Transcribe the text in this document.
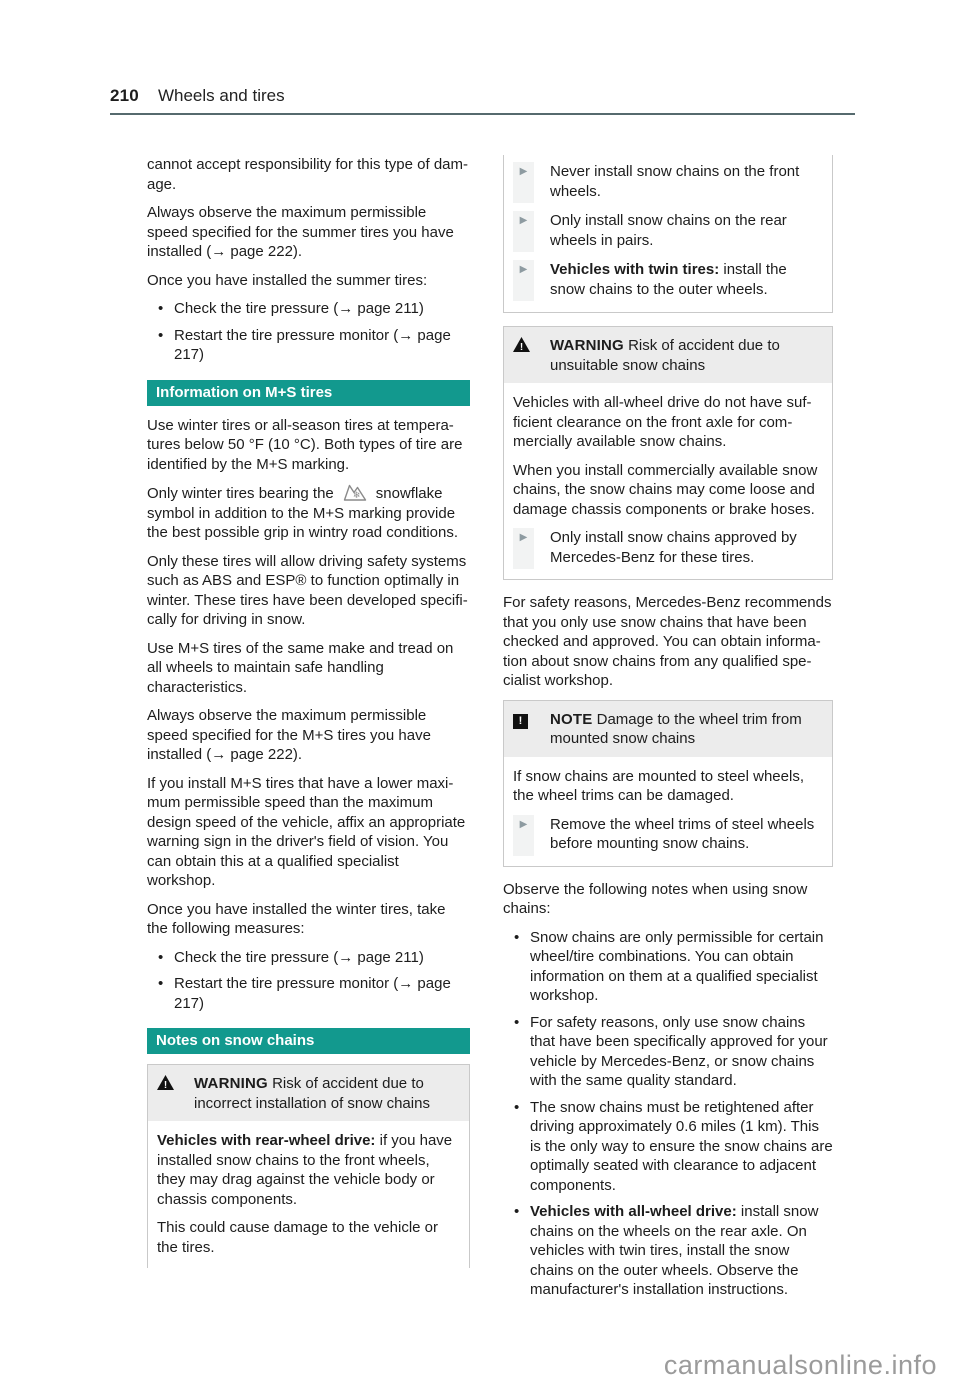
210 Wheels and tires

cannot accept responsibility for this type of damage.

Always observe the maximum permissible speed specified for the summer tires you have installed (→ page 222).

Once you have installed the summer tires:

• Check the tire pressure (→ page 211)
• Restart the tire pressure monitor (→ page 217)
Information on M+S tires

Use winter tires or all-season tires at temperatures below 50 °F (10 °C). Both types of tire are identified by the M+S marking.

Only winter tires bearing the ❄ snowflake symbol in addition to the M+S marking provide the best possible grip in wintry road conditions.

Only these tires will allow driving safety systems such as ABS and ESP® to function optimally in winter. These tires have been developed specifically for driving in snow.

Use M+S tires of the same make and tread on all wheels to maintain safe handling characteristics.

Always observe the maximum permissible speed specified for the M+S tires you have installed (→ page 222).

If you install M+S tires that have a lower maximum permissible speed than the maximum design speed of the vehicle, affix an appropriate warning sign in the driver's field of vision. You can obtain this at a qualified specialist workshop.

Once you have installed the winter tires, take the following measures:

• Check the tire pressure (→ page 211)
• Restart the tire pressure monitor (→ page 217)
Notes on snow chains
! WARNING Risk of accident due to incorrect installation of snow chains

Vehicles with rear-wheel drive: if you have installed snow chains to the front wheels, they may drag against the vehicle body or chassis components.

This could cause damage to the vehicle or the tires.

▶	Never install snow chains on the front wheels.
▶	Only install snow chains on the rear wheels in pairs.
▶	Vehicles with twin tires: install the snow chains to the outer wheels.
! WARNING Risk of accident due to unsuitable snow chains

Vehicles with all-wheel drive do not have sufficient clearance on the front axle for commercially available snow chains.

When you install commercially available snow chains, the snow chains may come loose and damage chassis components or brake hoses.

▶	Only install snow chains approved by Mercedes-Benz for these tires.

For safety reasons, Mercedes-Benz recommends that you only use snow chains that have been checked and approved. You can obtain information about snow chains from any qualified specialist workshop.

!	NOTE Damage to the wheel trim from mounted snow chains

If snow chains are mounted to steel wheels, the wheel trims can be damaged.

▶	Remove the wheel trims of steel wheels before mounting snow chains.

Observe the following notes when using snow chains:

• Snow chains are only permissible for certain wheel/tire combinations. You can obtain information on them at a qualified specialist workshop.
• For safety reasons, only use snow chains that have been specifically approved for your vehicle by Mercedes-Benz, or snow chains with the same quality standard.
• The snow chains must be retightened after driving approximately 0.6 miles (1 km). This is the only way to ensure the snow chains are optimally seated with clearance to adjacent components.
• Vehicles with all-wheel drive: install snow chains on the wheels on the rear axle. On vehicles with twin tires, install the snow chains on the outer wheels. Observe the manufacturer's installation instructions.
carmanualsonline.info
